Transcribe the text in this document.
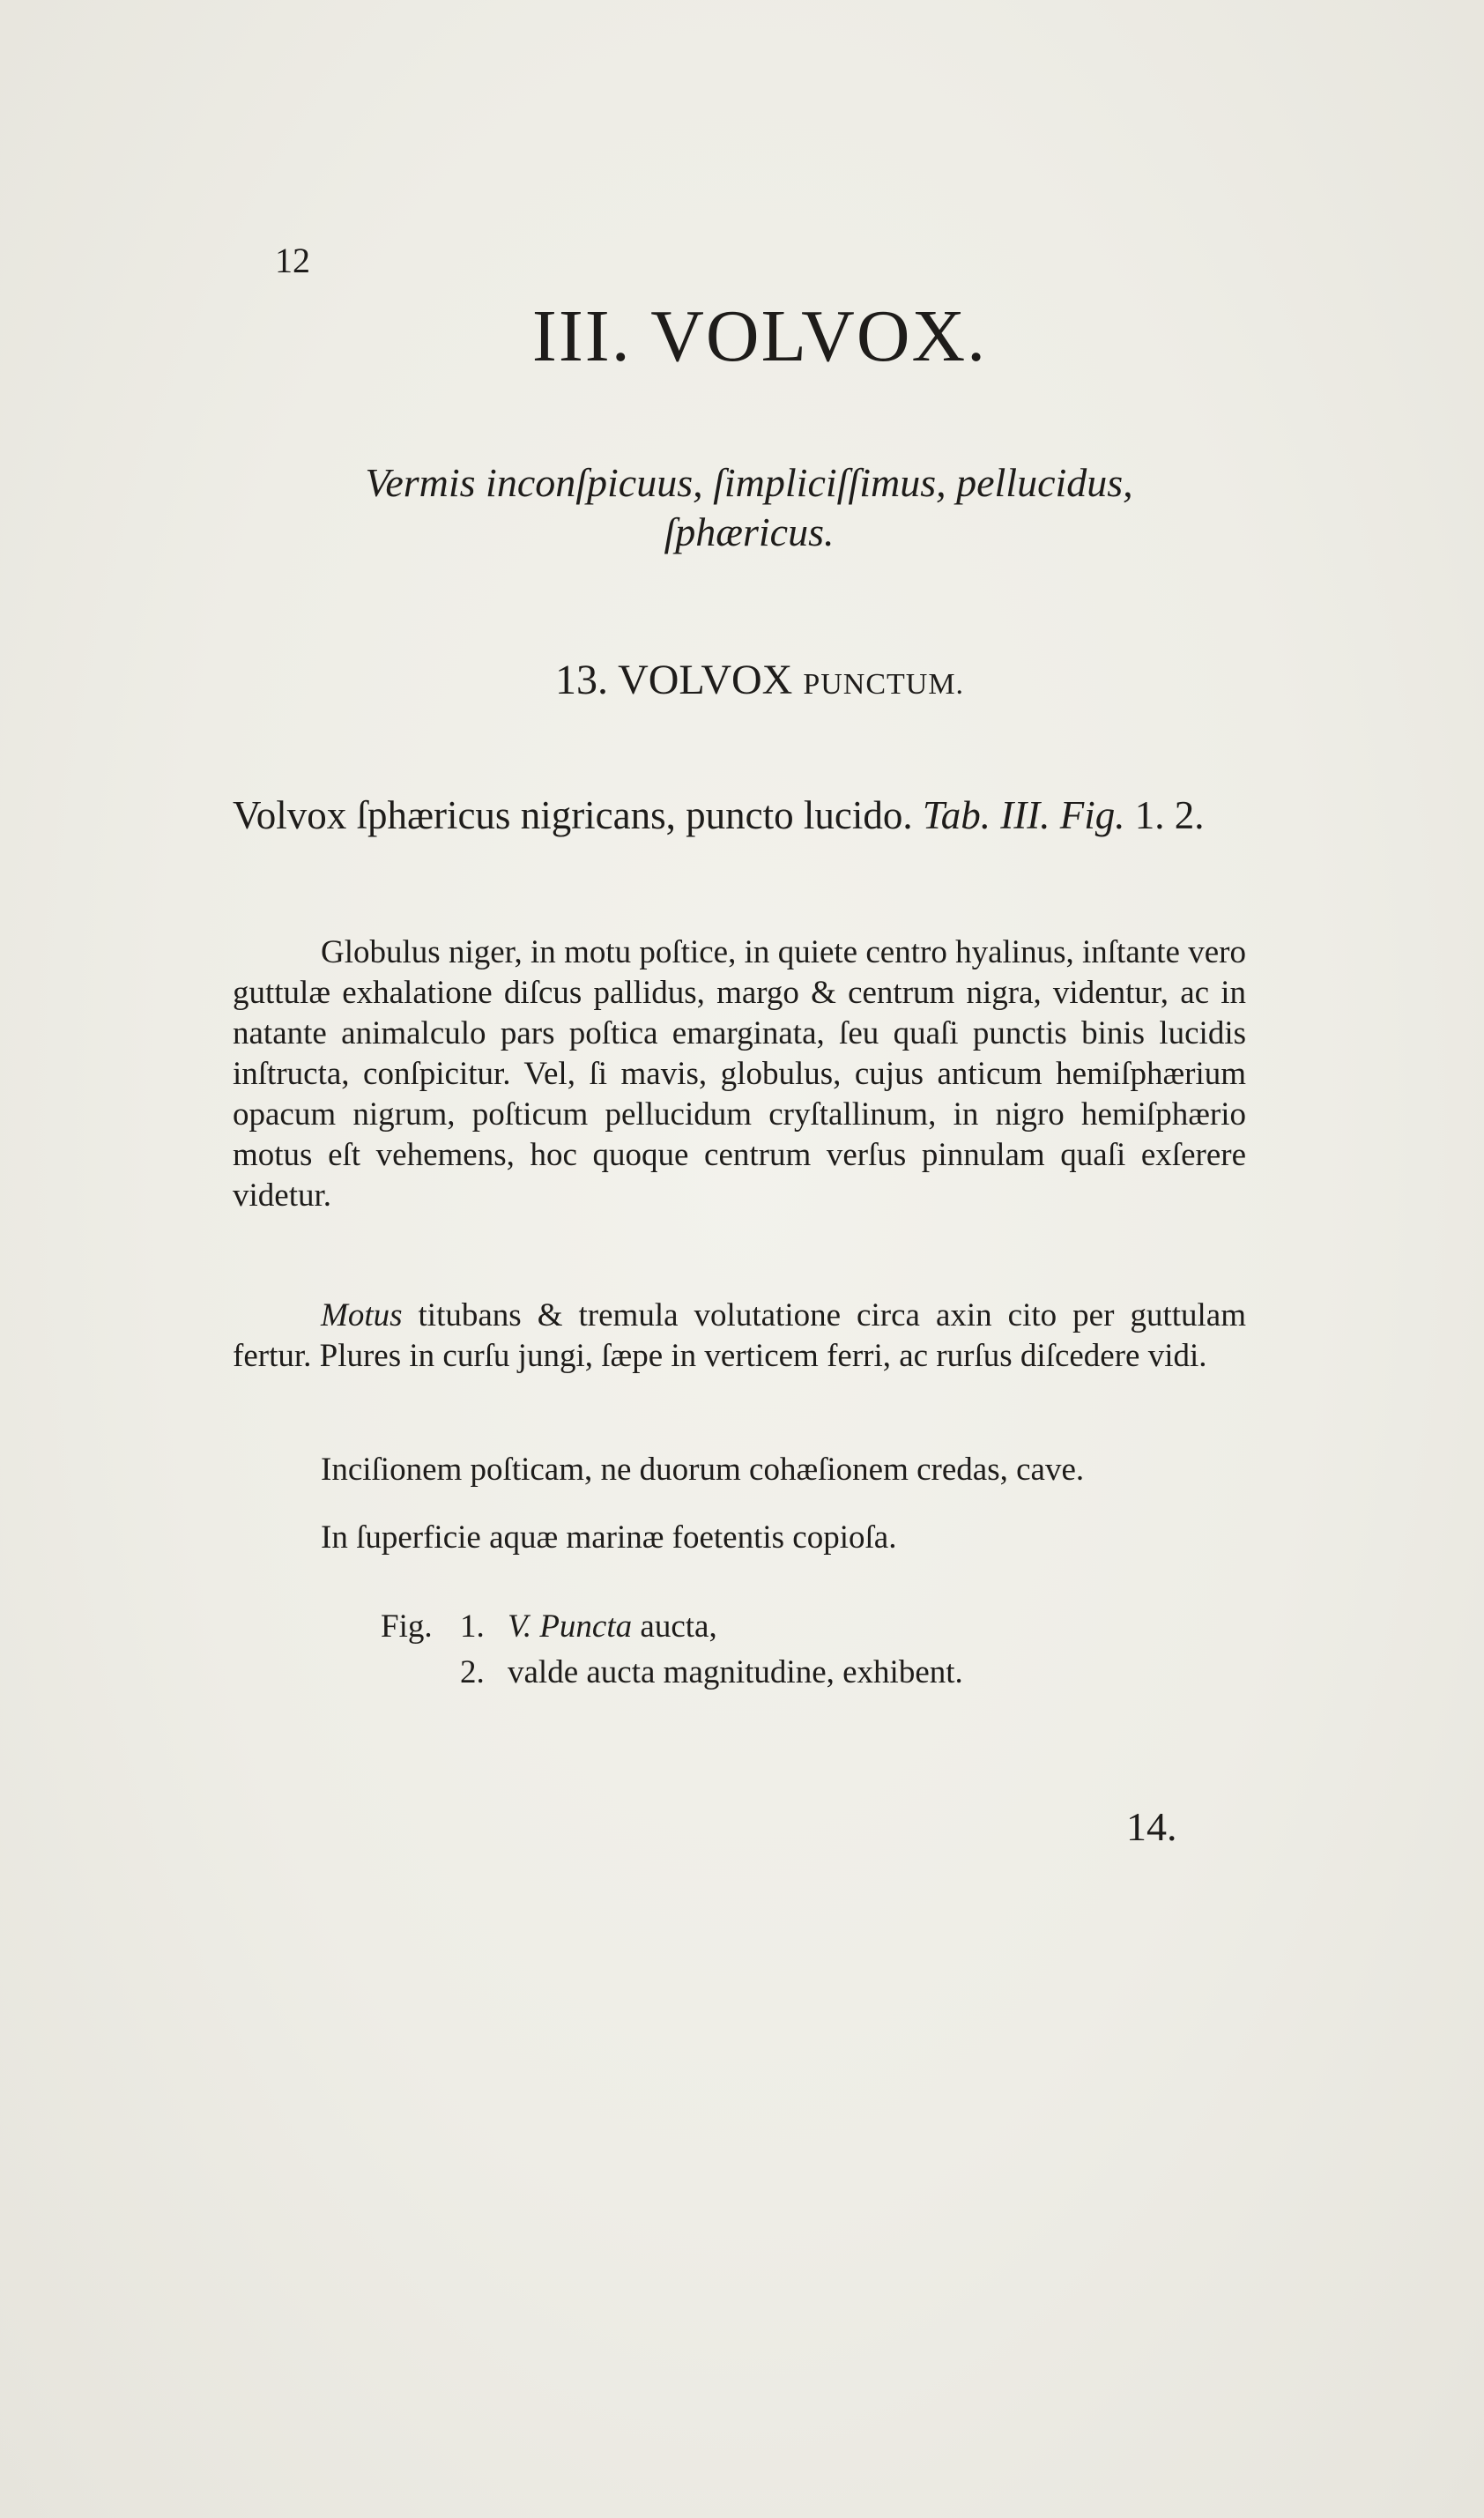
12
III. VOLVOX.
Vermis inconſpicuus, ſimpliciſſimus, pellucidus,
ſphæricus.
13. VOLVOX PUNCTUM.
Volvox ſphæricus nigricans, puncto lucido. Tab. III. Fig. 1. 2.
Globulus niger, in motu poſtice, in quiete centro hyalinus, inſtante vero guttulæ exhalatione diſcus pallidus, margo & centrum nigra, videntur, ac in natante animalculo pars poſtica emarginata, ſeu quaſi punctis binis lucidis inſtructa, conſpicitur. Vel, ſi mavis, globulus, cujus anticum hemiſphærium opacum nigrum, poſticum pellucidum cryſtallinum, in nigro hemiſphærio motus eſt vehemens, hoc quoque centrum verſus pinnulam quaſi exſerere videtur.
Motus titubans & tremula volutatione circa axin cito per guttulam fertur. Plures in curſu jungi, ſæpe in verticem ferri, ac rurſus diſcedere vidi.
Inciſionem poſticam, ne duorum cohæſionem credas, cave.
In ſuperficie aquæ marinæ foetentis copioſa.
Fig. 1. V. Puncta aucta,
2. valde aucta magnitudine, exhibent.
14.
